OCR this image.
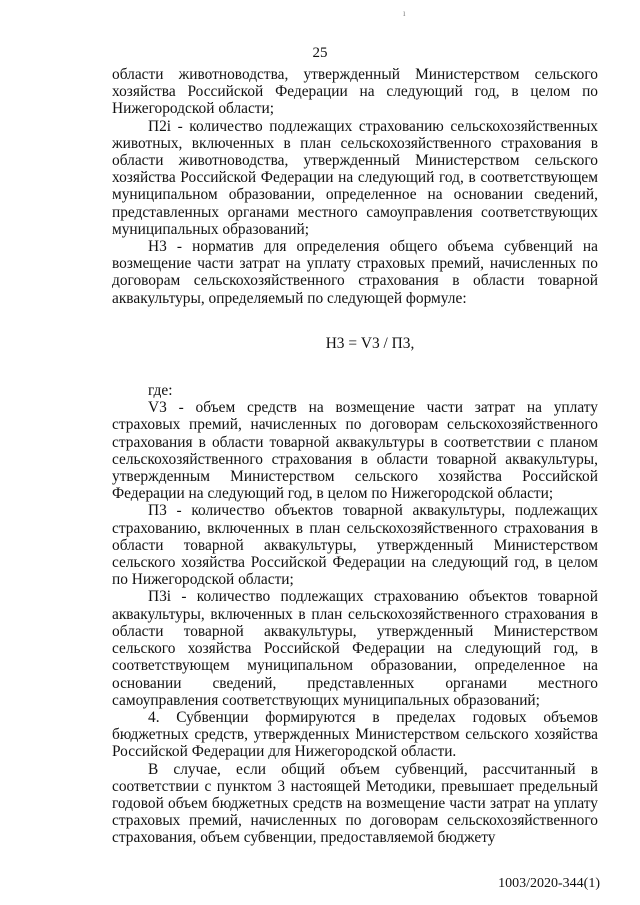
ı
25

области животноводства, утвержденный Министерством сельского хозяйства Российской Федерации на следующий год, в целом по Нижегородской области;

П2i - количество подлежащих страхованию сельскохозяйственных животных, включенных в план сельскохозяйственного страхования в области животноводства, утвержденный Министерством сельского хозяйства Российской Федерации на следующий год, в соответствующем муниципальном образовании, определенное на основании сведений, представленных органами местного самоуправления соответствующих муниципальных образований;

Н3 - норматив для определения общего объема субвенций на возмещение части затрат на уплату страховых премий, начисленных по договорам сельскохозяйственного страхования в области товарной аквакультуры, определяемый по следующей формуле:

Н3 = V3 / П3,

где:

V3 - объем средств на возмещение части затрат на уплату страховых премий, начисленных по договорам сельскохозяйственного страхования в области товарной аквакультуры в соответствии с планом сельскохозяйственного страхования в области товарной аквакультуры, утвержденным Министерством сельского хозяйства Российской Федерации на следующий год, в целом по Нижегородской области;

П3 - количество объектов товарной аквакультуры, подлежащих страхованию, включенных в план сельскохозяйственного страхования в области товарной аквакультуры, утвержденный Министерством сельского хозяйства Российской Федерации на следующий год, в целом по Нижегородской области;

П3i - количество подлежащих страхованию объектов товарной аквакультуры, включенных в план сельскохозяйственного страхования в области товарной аквакультуры, утвержденный Министерством сельского хозяйства Российской Федерации на следующий год, в соответствующем муниципальном образовании, определенное на основании сведений, представленных органами местного самоуправления соответствующих муниципальных образований;

4. Субвенции формируются в пределах годовых объемов бюджетных средств, утвержденных Министерством сельского хозяйства Российской Федерации для Нижегородской области.

В случае, если общий объем субвенций, рассчитанный в соответствии с пунктом 3 настоящей Методики, превышает предельный годовой объем бюджетных средств на возмещение части затрат на уплату страховых премий, начисленных по договорам сельскохозяйственного страхования, объем субвенции, предоставляемой бюджету

1003/2020-344(1)
